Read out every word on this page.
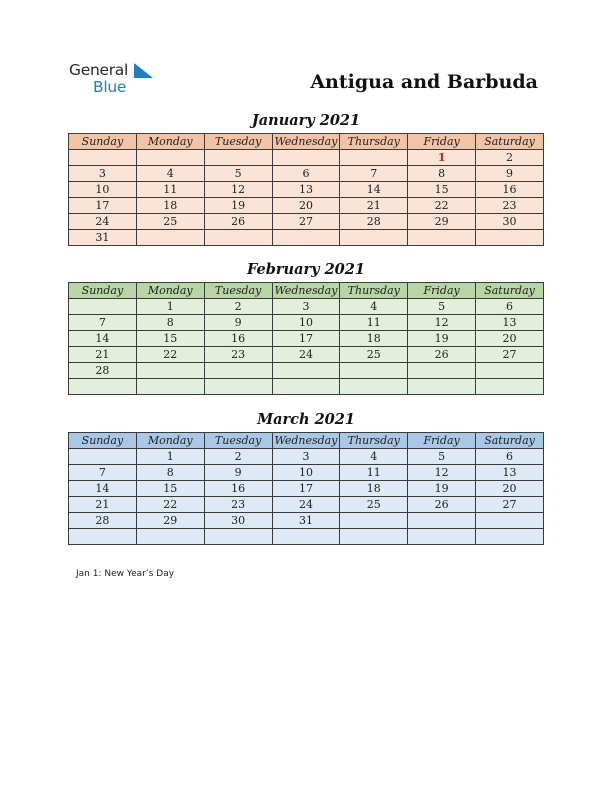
General
Blue	Antigua and Barbuda
January 2021
Sunday	Monday	Tuesday	Wednesday	Thursday	Friday	Saturday
					1	2
3	4	5	6	7	8	9
10	11	12	13	14	15	16
17	18	19	20	21	22	23
24	25	26	27	28	29	30
31						
February 2021
Sunday	Monday	Tuesday	Wednesday	Thursday	Friday	Saturday
	1	2	3	4	5	6
7	8	9	10	11	12	13
14	15	16	17	18	19	20
21	22	23	24	25	26	27
28						

March 2021
Sunday	Monday	Tuesday	Wednesday	Thursday	Friday	Saturday
	1	2	3	4	5	6
7	8	9	10	11	12	13
14	15	16	17	18	19	20
21	22	23	24	25	26	27
28	29	30	31			

Jan 1: New Year’s Day
